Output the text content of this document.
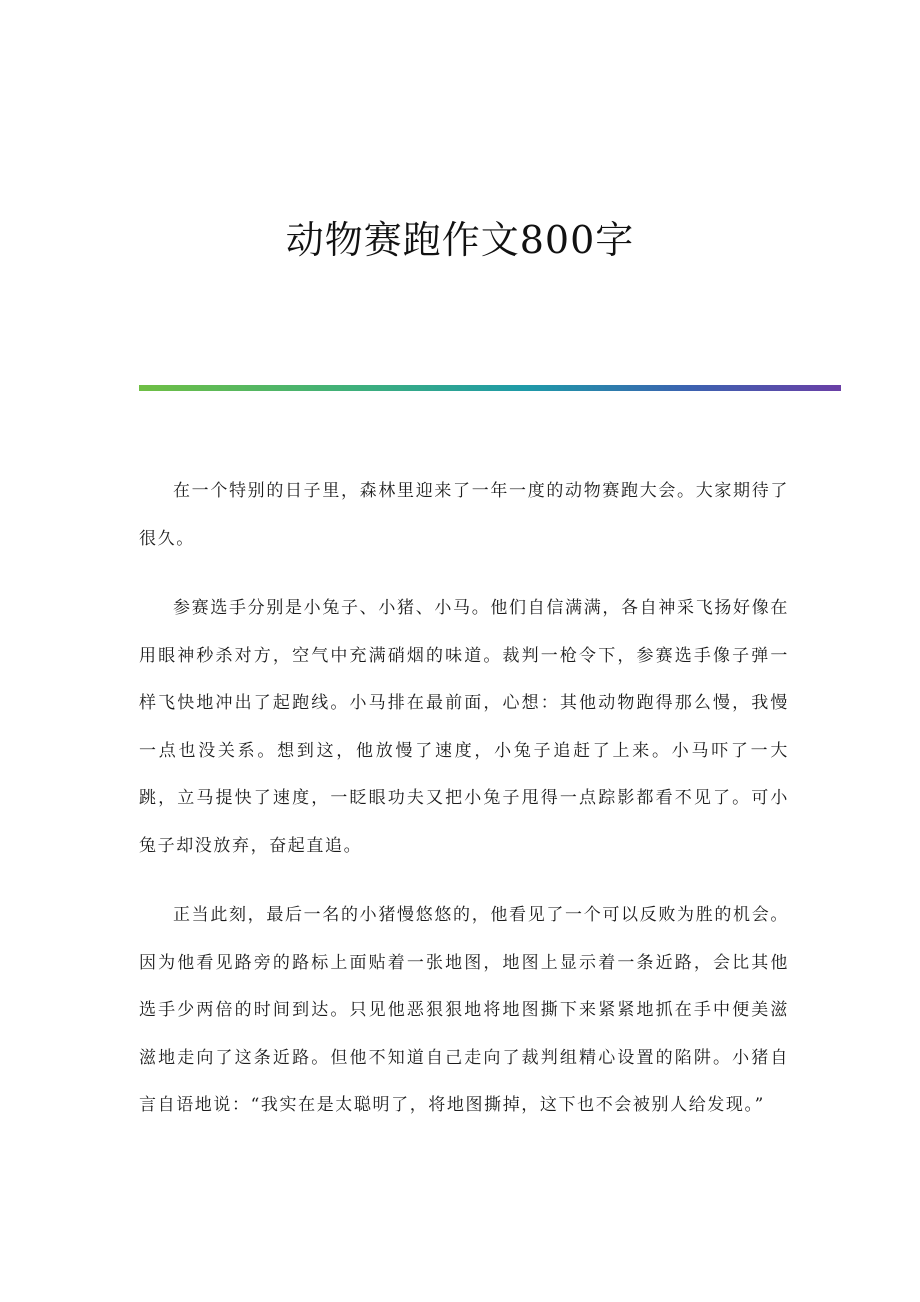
动物赛跑作文800字

在一个特别的日子里，森林里迎来了一年一度的动物赛跑大会。大家期待了很久。

参赛选手分别是小兔子、小猪、小马。他们自信满满，各自神采飞扬好像在用眼神秒杀对方，空气中充满硝烟的味道。裁判一枪令下，参赛选手像子弹一样飞快地冲出了起跑线。小马排在最前面，心想：其他动物跑得那么慢，我慢一点也没关系。想到这，他放慢了速度，小兔子追赶了上来。小马吓了一大跳，立马提快了速度，一眨眼功夫又把小兔子甩得一点踪影都看不见了。可小兔子却没放弃，奋起直追。

正当此刻，最后一名的小猪慢悠悠的，他看见了一个可以反败为胜的机会。因为他看见路旁的路标上面贴着一张地图，地图上显示着一条近路，会比其他选手少两倍的时间到达。只见他恶狠狠地将地图撕下来紧紧地抓在手中便美滋滋地走向了这条近路。但他不知道自己走向了裁判组精心设置的陷阱。小猪自言自语地说：“我实在是太聪明了，将地图撕掉，这下也不会被别人给发现。”
